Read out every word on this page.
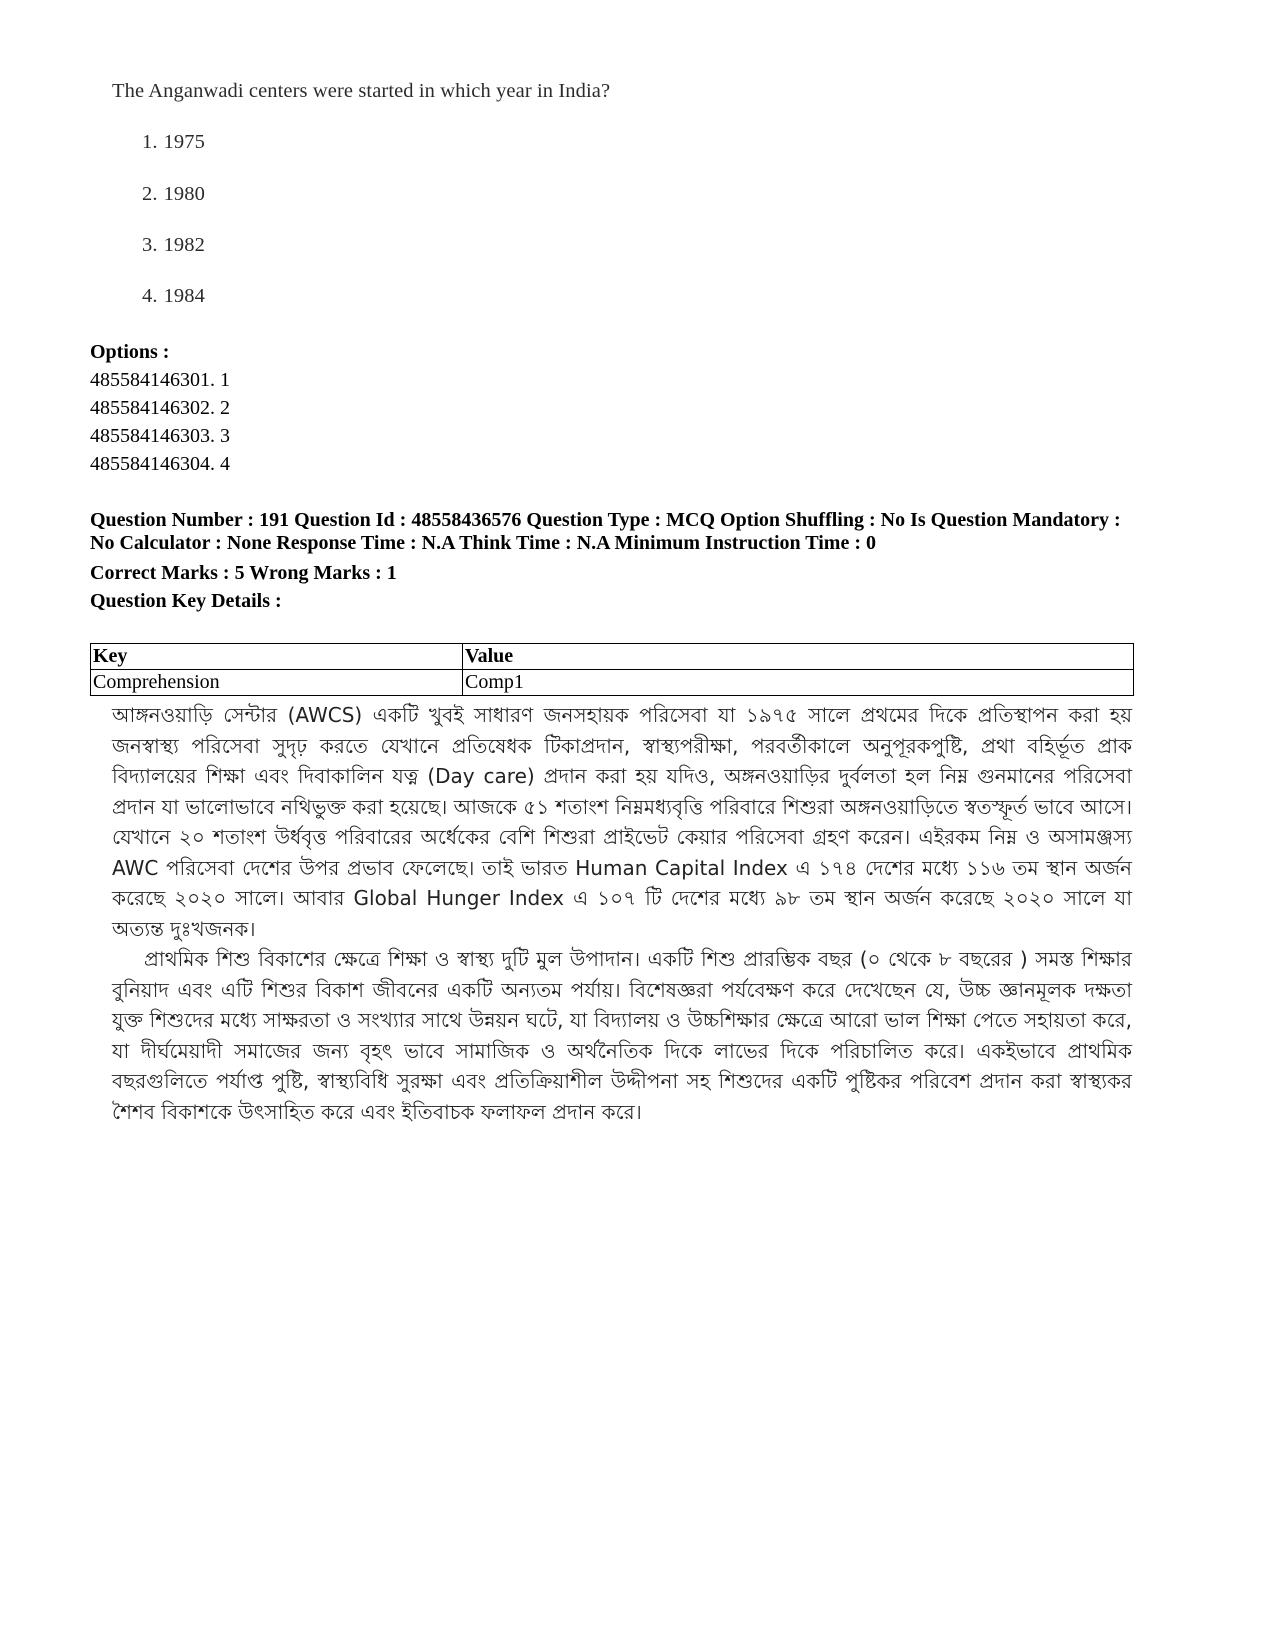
The Anganwadi centers were started in which year in India?

1. 1975
2. 1980
3. 1982
4. 1984

Options :

485584146301. 1
485584146302. 2
485584146303. 3
485584146304. 4
Question Number : 191 Question Id : 48558436576 Question Type : MCQ Option Shuffling : No Is Question Mandatory :
No Calculator : None Response Time : N.A Think Time : N.A Minimum Instruction Time : 0
Correct Marks : 5 Wrong Marks : 1
Question Key Details :
Key	Value
Comprehension	Comp1

আঙ্গনওয়াড়ি সেন্টার (AWCS) একটি খুবই সাধারণ জনসহায়ক পরিসেবা যা ১৯৭৫ সালে প্রথমের দিকে প্রতিস্থাপন করা হয় জনস্বাস্থ্য পরিসেবা সুদৃঢ় করতে যেখানে প্রতিষেধক টিকাপ্রদান, স্বাস্থ্যপরীক্ষা, পরবর্তীকালে অনুপূরকপুষ্টি, প্রথা বহির্ভূত প্রাক বিদ্যালয়ের শিক্ষা এবং দিবাকালিন যত্ন (Day care) প্রদান করা হয় যদিও, অঙ্গনওয়াড়ির দুর্বলতা হল নিম্ন গুনমানের পরিসেবা প্রদান যা ভালোভাবে নথিভুক্ত করা হয়েছে। আজকে ৫১ শতাংশ নিম্নমধ্যবৃত্তি পরিবারে শিশুরা অঙ্গনওয়াড়িতে স্বতস্ফূর্ত ভাবে আসে। যেখানে ২০ শতাংশ উর্ধবৃত্ত পরিবারের অর্ধেকের বেশি শিশুরা প্রাইভেট কেয়ার পরিসেবা গ্রহণ করেন। এইরকম নিম্ন ও অসামঞ্জস্য AWC পরিসেবা দেশের উপর প্রভাব ফেলেছে। তাই ভারত Human Capital Index এ ১৭৪ দেশের মধ্যে ১১৬ তম স্থান অর্জন করেছে ২০২০ সালে। আবার Global Hunger Index এ ১০৭ টি দেশের মধ্যে ৯৮ তম স্থান অর্জন করেছে ২০২০ সালে যা অত্যন্ত দুঃখজনক।

প্রাথমিক শিশু বিকাশের ক্ষেত্রে শিক্ষা ও স্বাস্থ্য দুটি মুল উপাদান। একটি শিশু প্রারম্ভিক বছর (০ থেকে ৮ বছরের ) সমস্ত শিক্ষার বুনিয়াদ এবং এটি শিশুর বিকাশ জীবনের একটি অন্যতম পর্যায়। বিশেষজ্ঞরা পর্যবেক্ষণ করে দেখেছেন যে, উচ্চ জ্ঞানমূলক দক্ষতা যুক্ত শিশুদের মধ্যে সাক্ষরতা ও সংখ্যার সাথে উন্নয়ন ঘটে, যা বিদ্যালয় ও উচ্চশিক্ষার ক্ষেত্রে আরো ভাল শিক্ষা পেতে সহায়তা করে, যা দীর্ঘমেয়াদী সমাজের জন্য বৃহৎ ভাবে সামাজিক ও অর্থনৈতিক দিকে লাভের দিকে পরিচালিত করে। একইভাবে প্রাথমিক বছরগুলিতে পর্যাপ্ত পুষ্টি, স্বাস্থ্যবিধি সুরক্ষা এবং প্রতিক্রিয়াশীল উদ্দীপনা সহ শিশুদের একটি পুষ্টিকর পরিবেশ প্রদান করা স্বাস্থ্যকর শৈশব বিকাশকে উৎসাহিত করে এবং ইতিবাচক ফলাফল প্রদান করে।
